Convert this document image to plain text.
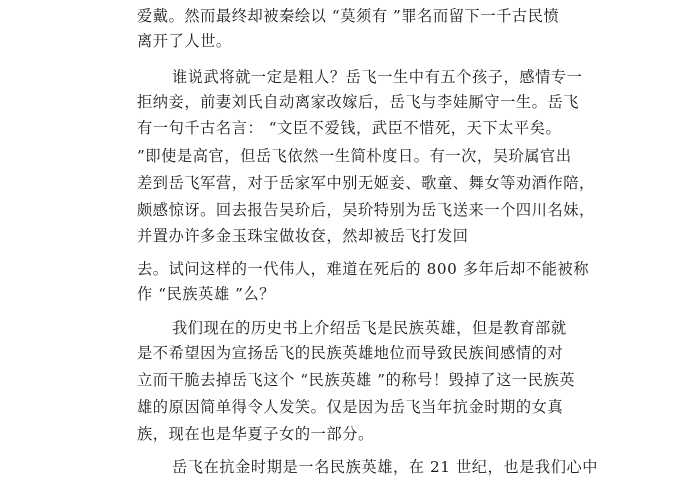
爱戴。然而最终却被秦绘以 “莫须有 ”罪名而留下一千古民愤
离开了人世。
谁说武将就一定是粗人？岳飞一生中有五个孩子，感情专一
拒纳妾，前妻刘氏自动离家改嫁后，岳飞与李娃厮守一生。岳飞
有一句千古名言： “文臣不爱钱，武臣不惜死，天下太平矣。
”即使是高官，但岳飞依然一生简朴度日。有一次，吴玠属官出
差到岳飞军营，对于岳家军中别无姬妾、歌童、舞女等劝酒作陪，
颇感惊讶。回去报告吴玠后，吴玠特别为岳飞送来一个四川名妹，
并置办许多金玉珠宝做妆奁，然却被岳飞打发回
去。试问这样的一代伟人，难道在死后的 800 多年后却不能被称
作 “民族英雄 ”么？
我们现在的历史书上介绍岳飞是民族英雄，但是教育部就
是不希望因为宣扬岳飞的民族英雄地位而导致民族间感情的对
立而干脆去掉岳飞这个 “民族英雄 ”的称号！毁掉了这一民族英
雄的原因简单得令人发笑。仅是因为岳飞当年抗金时期的女真
族，现在也是华夏子女的一部分。
岳飞在抗金时期是一名民族英雄，在 21 世纪，也是我们心中
